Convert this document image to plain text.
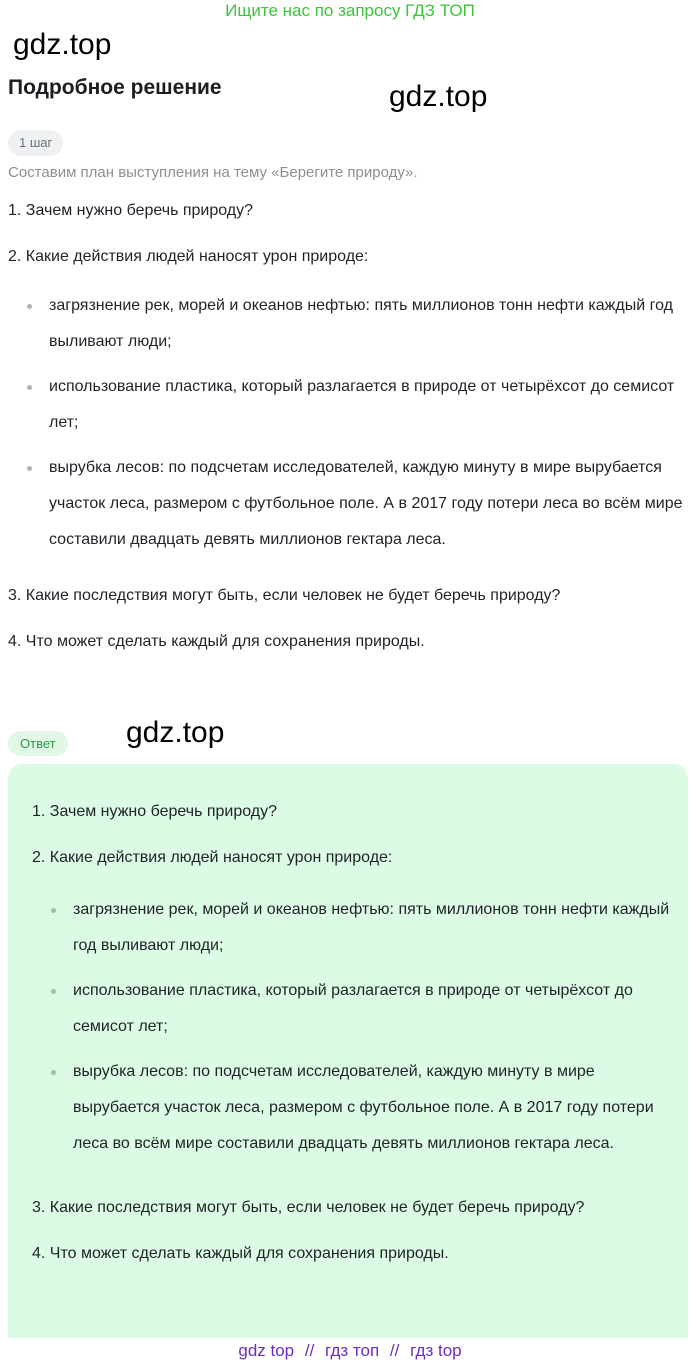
Ищите нас по запросу ГДЗ ТОП
gdz.top
gdz.top
gdz.top
Подробное решение
1 шаг
Составим план выступления на тему «Берегите природу».

1. Зачем нужно беречь природу?

2. Какие действия людей наносят урон природе:

загрязнение рек, морей и океанов нефтью: пять миллионов тонн нефти каждый год выливают люди;
использование пластика, который разлагается в природе от четырёхсот до семисот лет;
вырубка лесов: по подсчетам исследователей, каждую минуту в мире вырубается участок леса, размером с футбольное поле. А в 2017 году потери леса во всём мире составили двадцать девять миллионов гектара леса.

3. Какие последствия могут быть, если человек не будет беречь природу?

4. Что может сделать каждый для сохранения природы.

Ответ

1. Зачем нужно беречь природу?

2. Какие действия людей наносят урон природе:

загрязнение рек, морей и океанов нефтью: пять миллионов тонн нефти каждый год выливают люди;
использование пластика, который разлагается в природе от четырёхсот до семисот лет;
вырубка лесов: по подсчетам исследователей, каждую минуту в мире вырубается участок леса, размером с футбольное поле. А в 2017 году потери леса во всём мире составили двадцать девять миллионов гектара леса.

3. Какие последствия могут быть, если человек не будет беречь природу?

4. Что может сделать каждый для сохранения природы.

gdz top // гдз топ // гдз top
